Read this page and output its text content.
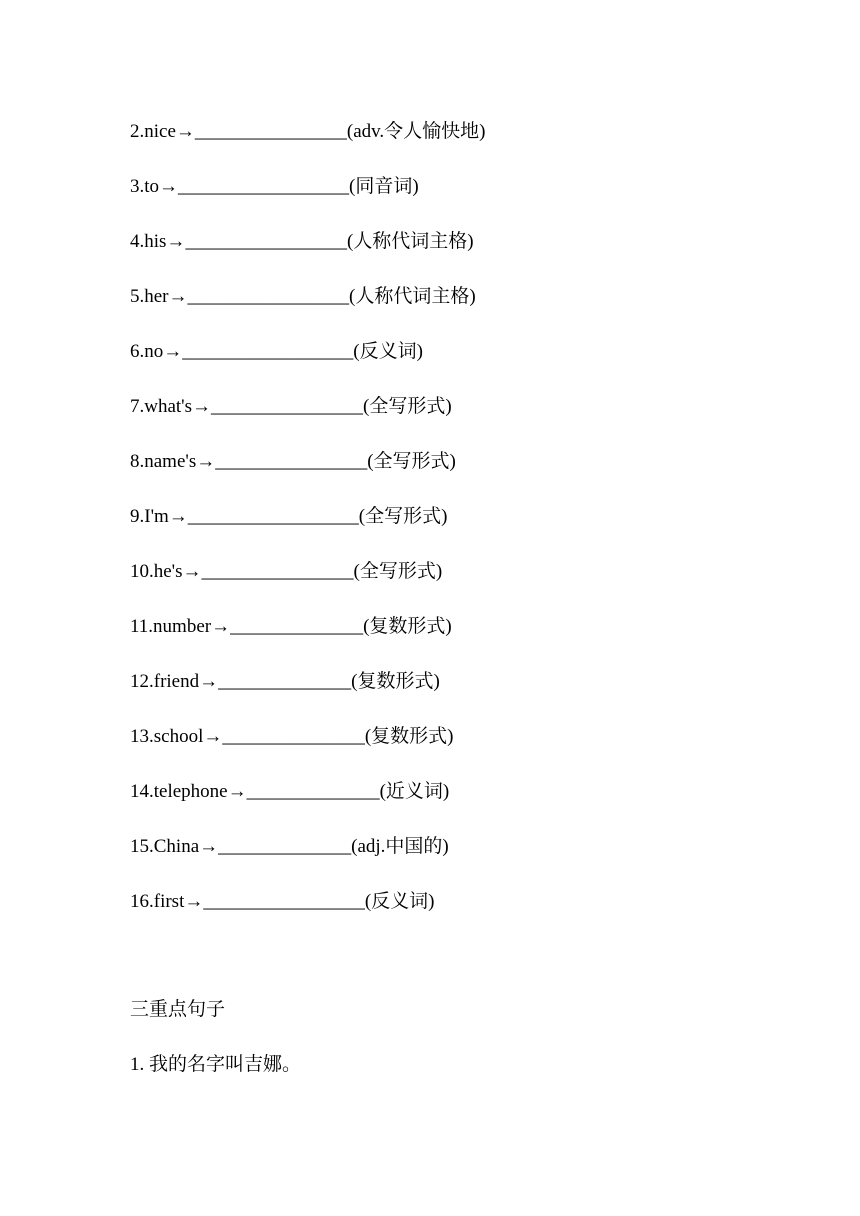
2.nice→________________(adv.令人愉快地)
3.to→__________________(同音词)
4.his→_________________(人称代词主格)
5.her→_________________(人称代词主格)
6.no→__________________(反义词)
7.what's→________________(全写形式)
8.name's→________________(全写形式)
9.I'm→__________________(全写形式)
10.he's→________________(全写形式)
11.number→______________(复数形式)
12.friend→______________(复数形式)
13.school→_______________(复数形式)
14.telephone→______________(近义词)
15.China→______________(adj.中国的)
16.first→_________________(反义词)
三重点句子
1. 我的名字叫吉娜。
